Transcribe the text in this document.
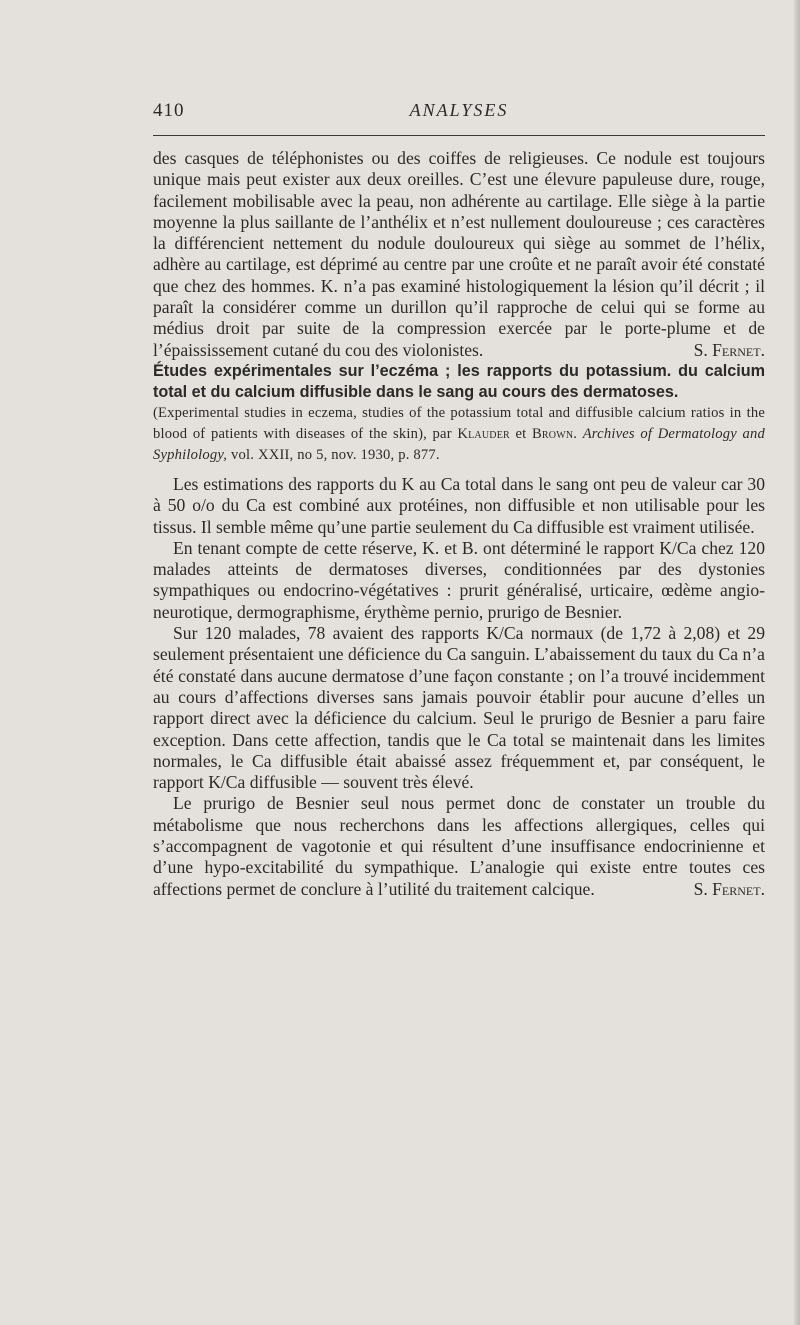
410	ANALYSES

des casques de téléphonistes ou des coiffes de religieuses. Ce nodule est toujours unique mais peut exister aux deux oreilles. C’est une élevure papuleuse dure, rouge, facilement mobilisable avec la peau, non adhérente au cartilage. Elle siège à la partie moyenne la plus saillante de l’anthélix et n’est nullement douloureuse ; ces caractères la différencient nettement du nodule douloureux qui siège au sommet de l’hélix, adhère au cartilage, est déprimé au centre par une croûte et ne paraît avoir été constaté que chez des hommes. K. n’a pas examiné histologiquement la lésion qu’il décrit ; il paraît la considérer comme un durillon qu’il rapproche de celui qui se forme au médius droit par suite de la compression exercée par le porte-plume et de l’épaississement cutané du cou des violonistes.	S. Fernet.

Études expérimentales sur l’eczéma ; les rapports du potassium. du calcium total et du calcium diffusible dans le sang au cours des dermatoses.

(Experimental studies in eczema, studies of the potassium total and diffusible calcium ratios in the blood of patients with diseases of the skin), par Klauder et Brown. Archives of Dermatology and Syphilology, vol. XXII, no 5, nov. 1930, p. 877.

Les estimations des rapports du K au Ca total dans le sang ont peu de valeur car 30 à 50 o/o du Ca est combiné aux protéines, non diffusible et non utilisable pour les tissus. Il semble même qu’une partie seulement du Ca diffusible est vraiment utilisée.

En tenant compte de cette réserve, K. et B. ont déterminé le rapport K/Ca chez 120 malades atteints de dermatoses diverses, conditionnées par des dystonies sympathiques ou endocrino-végétatives : prurit généralisé, urticaire, œdème angio-neurotique, dermographisme, érythème pernio, prurigo de Besnier.

Sur 120 malades, 78 avaient des rapports K/Ca normaux (de 1,72 à 2,08) et 29 seulement présentaient une déficience du Ca sanguin. L’abaissement du taux du Ca n’a été constaté dans aucune dermatose d’une façon constante ; on l’a trouvé incidemment au cours d’affections diverses sans jamais pouvoir établir pour aucune d’elles un rapport direct avec la déficience du calcium. Seul le prurigo de Besnier a paru faire exception. Dans cette affection, tandis que le Ca total se maintenait dans les limites normales, le Ca diffusible était abaissé assez fréquemment et, par conséquent, le rapport K/Ca diffusible — souvent très élevé.

Le prurigo de Besnier seul nous permet donc de constater un trouble du métabolisme que nous recherchons dans les affections allergiques, celles qui s’accompagnent de vagotonie et qui résultent d’une insuffisance endocrinienne et d’une hypo-excitabilité du sympathique. L’analogie qui existe entre toutes ces affections permet de conclure à l’utilité du traitement calcique.	S. Fernet.
